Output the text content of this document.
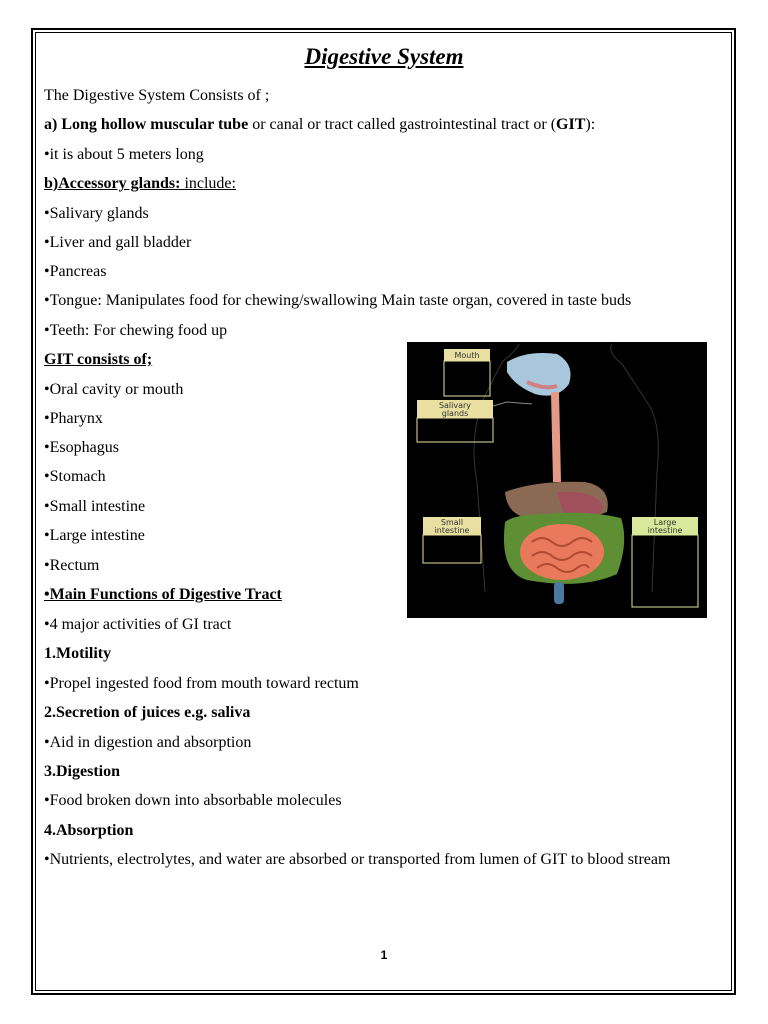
Digestive System
The Digestive System Consists of ;
a) Long hollow muscular tube or canal or tract called gastrointestinal tract or (GIT):
•it is about 5 meters long
b)Accessory glands: include:
•Salivary glands
•Liver and gall bladder
•Pancreas
•Tongue: Manipulates food for chewing/swallowing Main taste organ, covered in taste buds
•Teeth: For chewing food up
GIT consists of;
•Oral cavity or mouth
•Pharynx
•Esophagus
•Stomach
•Small intestine
•Large intestine
•Rectum
•Main Functions of Digestive Tract
•4 major activities of GI tract
1.Motility
•Propel ingested food from mouth toward rectum
2.Secretion of juices e.g. saliva
•Aid in digestion and absorption
3.Digestion
•Food broken down into absorbable molecules
4.Absorption
•Nutrients, electrolytes, and water are absorbed or transported from lumen of GIT to blood stream
Mouth
Salivary
glands
Small
intestine
Large
intestine
1
